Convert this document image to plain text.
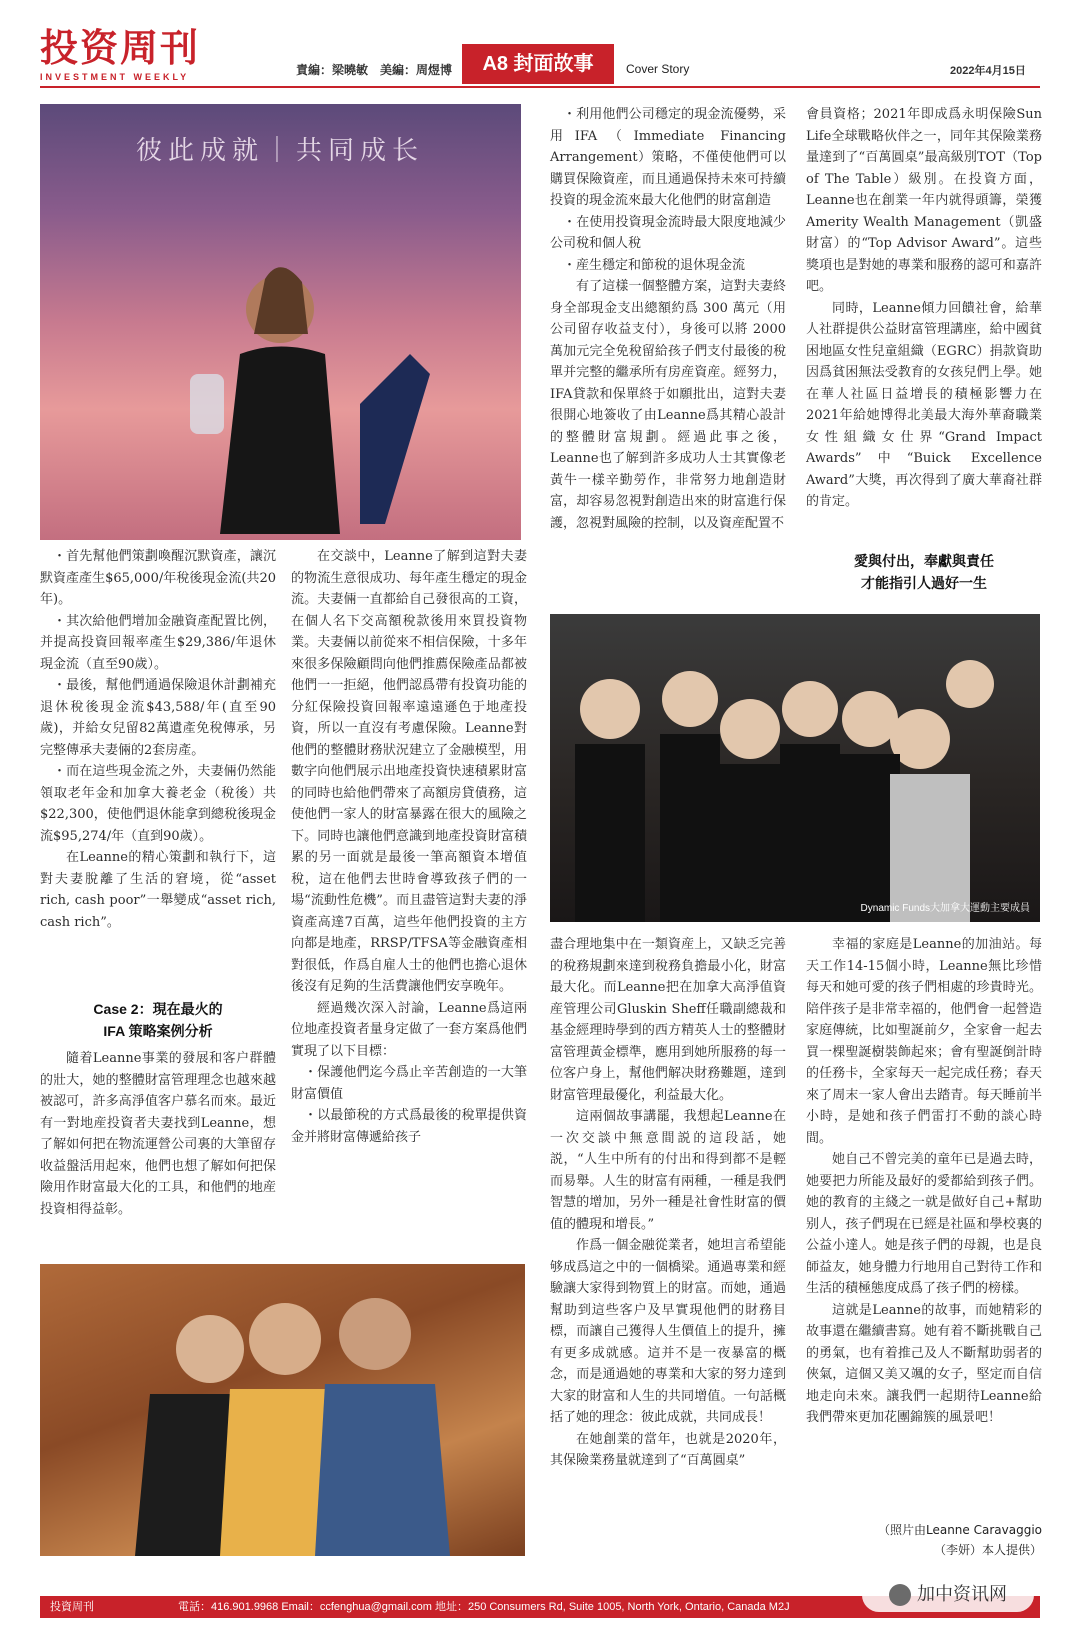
投资周刊
INVESTMENT WEEKLY	責編：梁曉敏　美編：周煜博	A8 封面故事	Cover Story	2022年4月15日
彼此成就｜共同成长
Dynamic Funds大加拿大運動主要成員

・首先幫他們策劃喚醒沉默資產，讓沉默資產產生$65,000/年稅後現金流(共20年)。

・其次給他們增加金融資產配置比例，并提高投資回報率產生$29,386/年退休現金流（直至90歲）。

・最後，幫他們通過保險退休計劃補充退休稅後現金流$43,588/年(直至90歲)，并給女兒留82萬遺產免稅傳承，另完整傳承夫妻倆的2套房產。

・而在這些現金流之外，夫妻倆仍然能領取老年金和加拿大養老金（稅後）共$22,300，使他們退休能拿到總稅後現金流$95,274/年（直到90歲）。

在Leanne的精心策劃和執行下，這對夫妻脫離了生活的窘境，從“asset rich, cash poor”一舉變成“asset rich, cash rich”。

Case 2：現在最火的
IFA 策略案例分析

隨着Leanne事業的發展和客户群體的壯大，她的整體財富管理理念也越來越被認可，許多高淨值客户慕名而來。最近有一對地産投資者夫妻找到Leanne，想了解如何把在物流運營公司裏的大筆留存收益盤活用起來，他們也想了解如何把保險用作財富最大化的工具，和他們的地産投資相得益彰。

在交談中，Leanne了解到這對夫妻的物流生意很成功、每年產生穩定的現金流。夫妻倆一直都給自己發很高的工資，在個人名下交高額稅款後用來買投資物業。夫妻倆以前從來不相信保險，十多年來很多保險顧問向他們推薦保險產品都被他們一一拒絕，他們認爲帶有投資功能的分紅保險投資回報率遠遠遜色于地產投資，所以一直沒有考慮保險。Leanne對他們的整體財務狀況建立了金融模型，用數字向他們展示出地產投資快速積累財富的同時也給他們帶來了高額房貸債務，這使他們一家人的財富暴露在很大的風險之下。同時也讓他們意識到地產投資財富積累的另一面就是最後一筆高額資本增值稅，這在他們去世時會導致孩子們的一場“流動性危機”。而且盡管這對夫妻的淨資產高達7百萬，這些年他們投資的主方向都是地產，RRSP/TFSA等金融資產相對很低，作爲自雇人士的他們也擔心退休後沒有足夠的生活費讓他們安享晚年。

經過幾次深入討論，Leanne爲這兩位地產投資者量身定做了一套方案爲他們實現了以下目標：

・保護他們迄今爲止辛苦創造的一大筆財富價值

・以最節稅的方式爲最後的稅單提供資金并將財富傳遞給孩子

・利用他們公司穩定的現金流優勢，采用IFA（Immediate Financing Arrangement）策略，不僅使他們可以購買保險資産，而且通過保持未來可持續投資的現金流來最大化他們的財富創造

・在使用投資現金流時最大限度地減少公司稅和個人稅

・産生穩定和節稅的退休現金流

有了這樣一個整體方案，這對夫妻終身全部現金支出總額約爲 300 萬元（用公司留存收益支付），身後可以將 2000 萬加元完全免稅留給孩子們支付最後的稅單并完整的繼承所有房産資産。經努力，IFA貸款和保單終于如願批出，這對夫妻很開心地簽收了由Leanne爲其精心設計的整體財富規劃。經過此事之後，Leanne也了解到許多成功人士其實像老黃牛一樣辛勤勞作，非常努力地創造財富，却容易忽視對創造出來的財富進行保護，忽視對風險的控制，以及資産配置不

盡合理地集中在一類資産上，又缺乏完善的稅務規劃來達到稅務負擔最小化，財富最大化。而Leanne把在加拿大高淨值資産管理公司Gluskin Sheff任職副總裁和基金經理時學到的西方精英人士的整體財富管理黃金標準，應用到她所服務的每一位客户身上，幫他們解决財務難題，達到財富管理最優化，利益最大化。

這兩個故事講罷，我想起Leanne在一次交談中無意間説的這段話，她説，“人生中所有的付出和得到都不是輕而易舉。人生的財富有兩種，一種是我們智慧的增加，另外一種是社會性財富的價值的體現和增長。”

作爲一個金融從業者，她坦言希望能够成爲這之中的一個橋梁。通過專業和經驗讓大家得到物質上的財富。而她，通過幫助到這些客户及早實現他們的財務目標，而讓自己獲得人生價值上的提升，擁有更多成就感。這并不是一夜暴富的概念，而是通過她的專業和大家的努力達到大家的財富和人生的共同增值。一句話概括了她的理念：彼此成就，共同成長！

在她創業的當年，也就是2020年，其保險業務量就達到了“百萬圓桌”

會員資格；2021年即成爲永明保險Sun Life全球戰略伙伴之一，同年其保險業務量達到了“百萬圓桌”最高級別TOT（Top of The Table）級別。在投資方面，Leanne也在創業一年内就得頭籌，榮獲Amerity Wealth Management（凱盛財富）的“Top Advisor Award”。這些獎項也是對她的專業和服務的認可和嘉許吧。

同時，Leanne傾力回饋社會，給華人社群提供公益財富管理講座，給中國貧困地區女性兒童組織（EGRC）捐款資助因爲貧困無法受教育的女孩兒們上學。她在華人社區日益增長的積極影響力在2021年給她博得北美最大海外華裔職業女性組織女仕界“Grand Impact Awards”中“Buick Excellence Award”大獎，再次得到了廣大華裔社群的肯定。

愛與付出，奉獻與責任
才能指引人過好一生

幸福的家庭是Leanne的加油站。每天工作14-15個小時，Leanne無比珍惜每天和她可愛的孩子們相處的珍貴時光。陪伴孩子是非常幸福的，他們會一起營造家庭傳統，比如聖誕前夕，全家會一起去買一棵聖誕樹裝飾起來；會有聖誕倒計時的任務卡，全家每天一起完成任務；春天來了周末一家人會出去踏青。每天睡前半小時，是她和孩子們雷打不動的談心時間。

她自己不曾完美的童年已是過去時，她要把力所能及最好的愛都給到孩子們。她的教育的主綫之一就是做好自己+幫助别人，孩子們現在已經是社區和學校裏的公益小達人。她是孩子們的母親，也是良師益友，她身體力行地用自己對待工作和生活的積極態度成爲了孩子們的榜樣。

這就是Leanne的故事，而她精彩的故事還在繼續書寫。她有着不斷挑戰自己的勇氣，也有着推己及人不斷幫助弱者的俠氣，這個又美又颯的女子，堅定而自信地走向未來。讓我們一起期待Leanne給我們帶來更加花團錦簇的風景吧！

（照片由Leanne Caravaggio
（李妍）本人提供）
投資周刊	電話：416.901.9968 Email：ccfenghua@gmail.com 地址：250 Consumers Rd, Suite 1005, North York, Ontario, Canada M2J
加中资讯网
